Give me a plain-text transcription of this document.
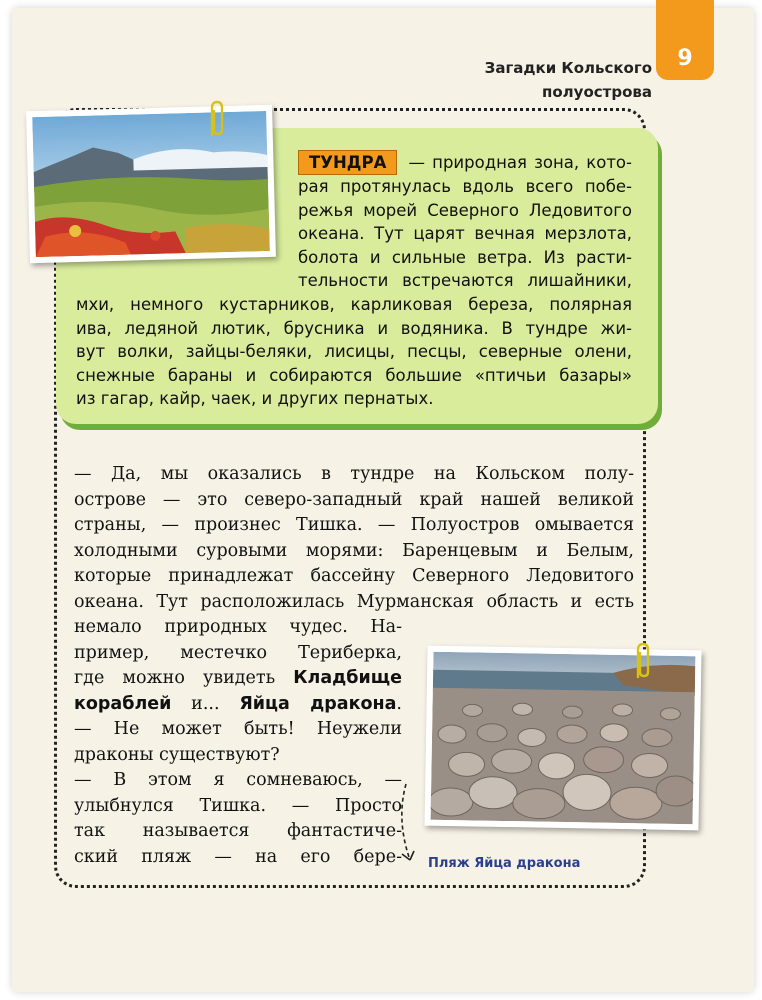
Загадки Кольского полуострова
9

ТУНДРА — природная зона, кото-

рая протянулась вдоль всего побе-

режья морей Северного Ледовитого

океана. Тут царят вечная мерзлота,

болота и сильные ветра. Из расти-

тельности встречаются лишайники,

мхи, немного кустарников, карликовая береза, полярная

ива, ледяной лютик, брусника и водяника. В тундре жи-

вут волки, зайцы-беляки, лисицы, песцы, северные олени,

снежные бараны и собираются большие «птичьи базары»

из гагар, кайр, чаек, и других пернатых.

— Да, мы оказались в тундре на Кольском полу-

острове — это северо-западный край нашей великой

страны, — произнес Тишка. — Полуостров омывается

холодными суровыми морями: Баренцевым и Белым,

которые принадлежат бассейну Северного Ледовитого

океана. Тут расположилась Мурманская область и есть

немало природных чудес. На-

пример, местечко Териберка,

где можно увидеть Кладбище

кораблей и... Яйца дракона.

— Не может быть! Неужели

драконы существуют?

— В этом я сомневаюсь, —

улыбнулся Тишка. — Просто

так называется фантастиче-

ский пляж — на его бере- Пляж Яйца дракона
